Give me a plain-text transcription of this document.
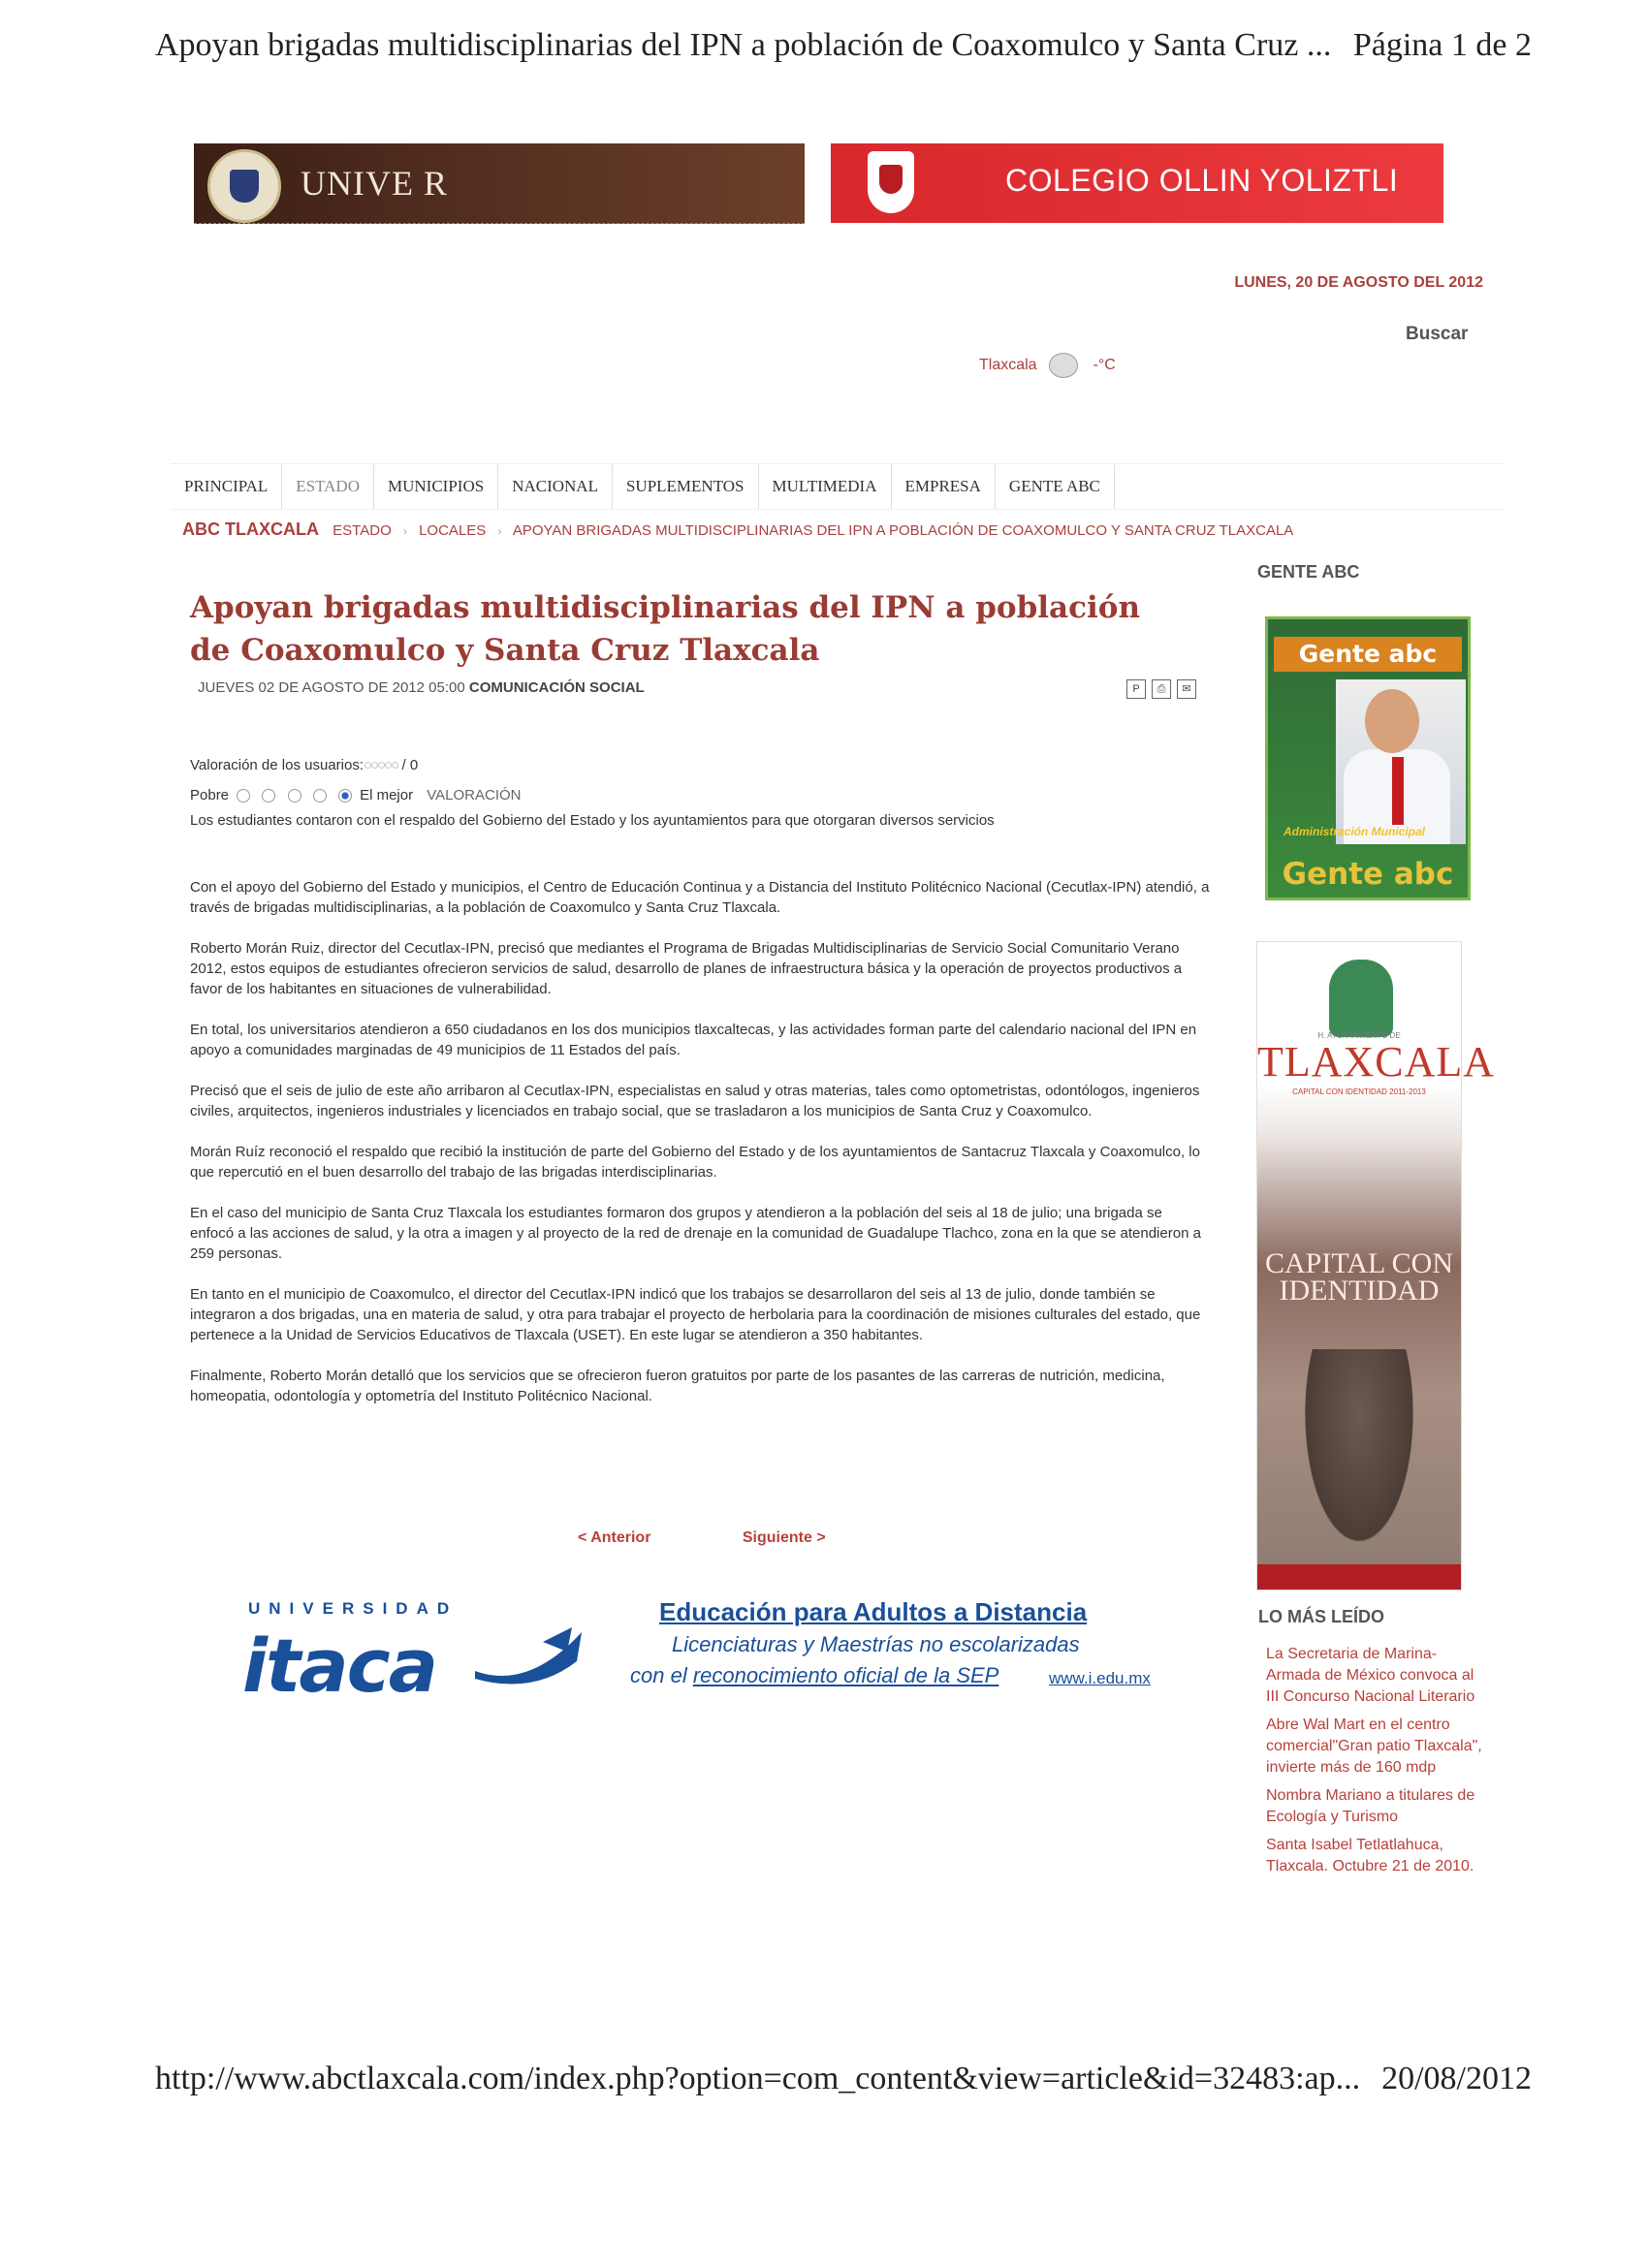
Apoyan brigadas multidisciplinarias del IPN a población de Coaxomulco y Santa Cruz ... Página 1 de 2
UNIVE R	COLEGIO OLLIN YOLIZTLI
LUNES, 20 DE AGOSTO DEL 2012
Buscar
Tlaxcala	-°C
PRINCIPAL	ESTADO	MUNICIPIOS	NACIONAL	SUPLEMENTOS	MULTIMEDIA	EMPRESA	GENTE ABC
ABC TLAXCALA ESTADO › LOCALES › APOYAN BRIGADAS MULTIDISCIPLINARIAS DEL IPN A POBLACIÓN DE COAXOMULCO Y SANTA CRUZ TLAXCALA
Apoyan brigadas multidisciplinarias del IPN a población de Coaxomulco y Santa Cruz Tlaxcala
JUEVES 02 DE AGOSTO DE 2012 05:00 COMUNICACIÓN SOCIAL	P	⎙	✉
Valoración de los usuarios:○○○○○ / 0
Pobre	El mejor VALORACIÓN

Los estudiantes contaron con el respaldo del Gobierno del Estado y los ayuntamientos para que otorgaran diversos servicios

Con el apoyo del Gobierno del Estado y municipios, el Centro de Educación Continua y a Distancia del Instituto Politécnico Nacional (Cecutlax-IPN) atendió, a través de brigadas multidisciplinarias, a la población de Coaxomulco y Santa Cruz Tlaxcala.

Roberto Morán Ruiz, director del Cecutlax-IPN, precisó que mediantes el Programa de Brigadas Multidisciplinarias de Servicio Social Comunitario Verano 2012, estos equipos de estudiantes ofrecieron servicios de salud, desarrollo de planes de infraestructura básica y la operación de proyectos productivos a favor de los habitantes en situaciones de vulnerabilidad.

En total, los universitarios atendieron a 650 ciudadanos en los dos municipios tlaxcaltecas, y las actividades forman parte del calendario nacional del IPN en apoyo a comunidades marginadas de 49 municipios de 11 Estados del país.

Precisó que el seis de julio de este año arribaron al Cecutlax-IPN, especialistas en salud y otras materias, tales como optometristas, odontólogos, ingenieros civiles, arquitectos, ingenieros industriales y licenciados en trabajo social, que se trasladaron a los municipios de Santa Cruz y Coaxomulco.

Morán Ruíz reconoció el respaldo que recibió la institución de parte del Gobierno del Estado y de los ayuntamientos de Santacruz Tlaxcala y Coaxomulco, lo que repercutió en el buen desarrollo del trabajo de las brigadas interdisciplinarias.

En el caso del municipio de Santa Cruz Tlaxcala los estudiantes formaron dos grupos y atendieron a la población del seis al 18 de julio; una brigada se enfocó a las acciones de salud, y la otra a imagen y al proyecto de la red de drenaje en la comunidad de Guadalupe Tlachco, zona en la que se atendieron a 259 personas.

En tanto en el municipio de Coaxomulco, el director del Cecutlax-IPN indicó que los trabajos se desarrollaron del seis al 13 de julio, donde también se integraron a dos brigadas, una en materia de salud, y otra para trabajar el proyecto de herbolaria para la coordinación de misiones culturales del estado, que pertenece a la Unidad de Servicios Educativos de Tlaxcala (USET). En este lugar se atendieron a 350 habitantes.

Finalmente, Roberto Morán detalló que los servicios que se ofrecieron fueron gratuitos por parte de los pasantes de las carreras de nutrición, medicina, homeopatia, odontología y optometría del Instituto Politécnico Nacional.

< Anterior	Siguiente >
UNIVERSIDAD
itaca
Educación para Adultos a Distancia
Licenciaturas y Maestrías no escolarizadas
con el reconocimiento oficial de la SEP	www.i.edu.mx
GENTE ABC
Gente abc
Administración Municipal
Gente abc
H. AYUNTAMIENTO DE
TLAXCALA
CAPITAL CON IDENTIDAD 2011-2013
CAPITAL CON IDENTIDAD
LO MÁS LEÍDO
La Secretaria de Marina-Armada de México convoca al III Concurso Nacional Literario
Abre Wal Mart en el centro comercial"Gran patio Tlaxcala", invierte más de 160 mdp
Nombra Mariano a titulares de Ecología y Turismo
Santa Isabel Tetlatlahuca, Tlaxcala. Octubre 21 de 2010.
http://www.abctlaxcala.com/index.php?option=com_content&view=article&id=32483:ap... 20/08/2012
